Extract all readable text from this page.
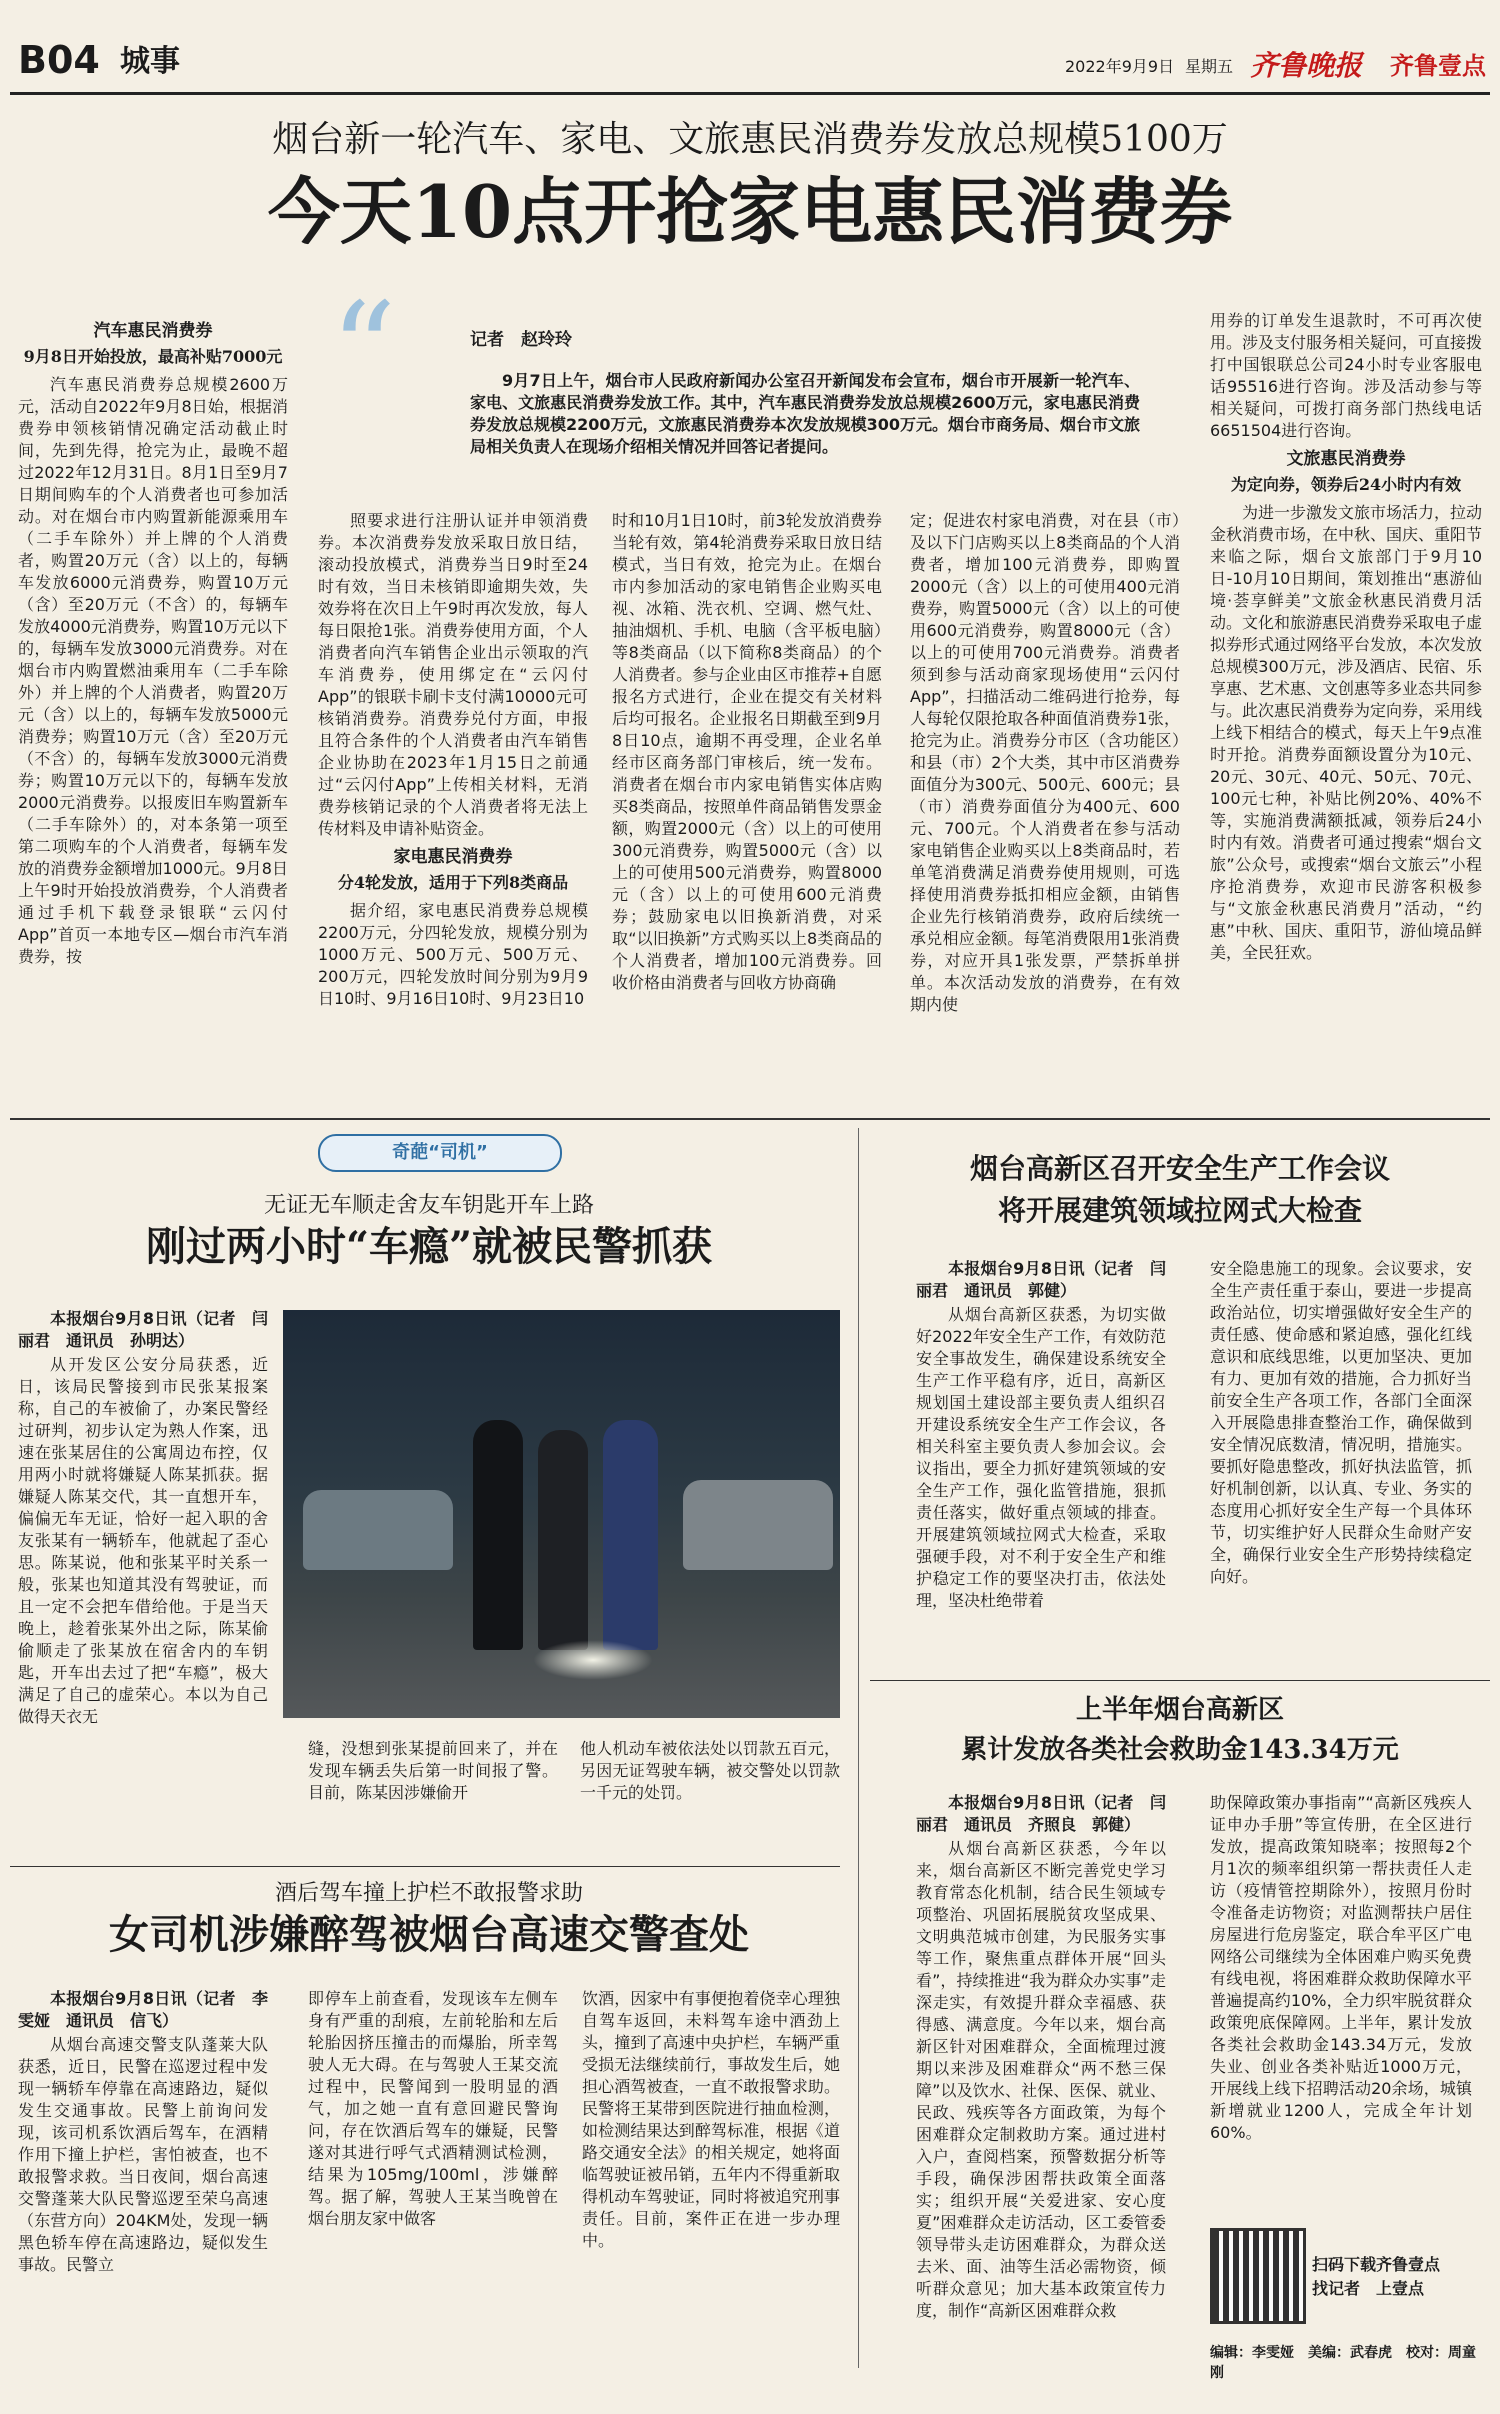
B04 城事	2022年9月9日 星期五 齐鲁晚报 齐鲁壹点
烟台新一轮汽车、家电、文旅惠民消费券发放总规模5100万
今天10点开抢家电惠民消费券
“	记者　赵玲玲
9月7日上午，烟台市人民政府新闻办公室召开新闻发布会宣布，烟台市开展新一轮汽车、家电、文旅惠民消费券发放工作。其中，汽车惠民消费券发放总规模2600万元，家电惠民消费券发放总规模2200万元，文旅惠民消费券本次发放规模300万元。烟台市商务局、烟台市文旅局相关负责人在现场介绍相关情况并回答记者提问。
汽车惠民消费券
9月8日开始投放，最高补贴7000元

汽车惠民消费券总规模2600万元，活动自2022年9月8日始，根据消费券申领核销情况确定活动截止时间，先到先得，抢完为止，最晚不超过2022年12月31日。8月1日至9月7日期间购车的个人消费者也可参加活动。对在烟台市内购置新能源乘用车（二手车除外）并上牌的个人消费者，购置20万元（含）以上的，每辆车发放6000元消费券，购置10万元（含）至20万元（不含）的，每辆车发放4000元消费券，购置10万元以下的，每辆车发放3000元消费券。对在烟台市内购置燃油乘用车（二手车除外）并上牌的个人消费者，购置20万元（含）以上的，每辆车发放5000元消费券；购置10万元（含）至20万元（不含）的，每辆车发放3000元消费券；购置10万元以下的，每辆车发放2000元消费券。以报废旧车购置新车（二手车除外）的，对本条第一项至第二项购车的个人消费者，每辆车发放的消费券金额增加1000元。9月8日上午9时开始投放消费券，个人消费者通过手机下载登录银联“云闪付App”首页一本地专区—烟台市汽车消费券，按

照要求进行注册认证并申领消费券。本次消费券发放采取日放日结，滚动投放模式，消费券当日9时至24时有效，当日未核销即逾期失效，失效券将在次日上午9时再次发放，每人每日限抢1张。消费券使用方面，个人消费者向汽车销售企业出示领取的汽车消费券，使用绑定在“云闪付App”的银联卡刷卡支付满10000元可核销消费券。消费券兑付方面，申报且符合条件的个人消费者由汽车销售企业协助在2023年1月15日之前通过“云闪付App”上传相关材料，无消费券核销记录的个人消费者将无法上传材料及申请补贴资金。

家电惠民消费券
分4轮发放，适用于下列8类商品

据介绍，家电惠民消费券总规模2200万元，分四轮发放，规模分别为1000万元、500万元、500万元、200万元，四轮发放时间分别为9月9日10时、9月16日10时、9月23日10

时和10月1日10时，前3轮发放消费券当轮有效，第4轮消费券采取日放日结模式，当日有效，抢完为止。在烟台市内参加活动的家电销售企业购买电视、冰箱、洗衣机、空调、燃气灶、抽油烟机、手机、电脑（含平板电脑）等8类商品（以下简称8类商品）的个人消费者。参与企业由区市推荐+自愿报名方式进行，企业在提交有关材料后均可报名。企业报名日期截至到9月8日10点，逾期不再受理，企业名单经市区商务部门审核后，统一发布。消费者在烟台市内家电销售实体店购买8类商品，按照单件商品销售发票金额，购置2000元（含）以上的可使用300元消费券，购置5000元（含）以上的可使用500元消费券，购置8000元（含）以上的可使用600元消费券；鼓励家电以旧换新消费，对采取“以旧换新”方式购买以上8类商品的个人消费者，增加100元消费券。回收价格由消费者与回收方协商确

定；促进农村家电消费，对在县（市）及以下门店购买以上8类商品的个人消费者，增加100元消费券，即购置2000元（含）以上的可使用400元消费券，购置5000元（含）以上的可使用600元消费券，购置8000元（含）以上的可使用700元消费券。消费者须到参与活动商家现场使用“云闪付App”，扫描活动二维码进行抢券，每人每轮仅限抢取各种面值消费券1张，抢完为止。消费券分市区（含功能区）和县（市）2个大类，其中市区消费券面值分为300元、500元、600元；县（市）消费券面值分为400元、600元、700元。个人消费者在参与活动家电销售企业购买以上8类商品时，若单笔消费满足消费券使用规则，可选择使用消费券抵扣相应金额，由销售企业先行核销消费券，政府后续统一承兑相应金额。每笔消费限用1张消费券，对应开具1张发票，严禁拆单拼单。本次活动发放的消费券，在有效期内使

用券的订单发生退款时，不可再次使用。涉及支付服务相关疑问，可直接拨打中国银联总公司24小时专业客服电话95516进行咨询。涉及活动参与等相关疑问，可拨打商务部门热线电话6651504进行咨询。

文旅惠民消费券
为定向券，领券后24小时内有效

为进一步激发文旅市场活力，拉动金秋消费市场，在中秋、国庆、重阳节来临之际，烟台文旅部门于9月10日-10月10日期间，策划推出“惠游仙境·荟享鲜美”文旅金秋惠民消费月活动。文化和旅游惠民消费券采取电子虚拟券形式通过网络平台发放，本次发放总规模300万元，涉及酒店、民宿、乐享惠、艺术惠、文创惠等多业态共同参与。此次惠民消费券为定向券，采用线上线下相结合的模式，每天上午9点准时开抢。消费券面额设置分为10元、20元、30元、40元、50元、70元、100元七种，补贴比例20%、40%不等，实施消费满额抵减，领券后24小时内有效。消费者可通过搜索“烟台文旅”公众号，或搜索“烟台文旅云”小程序抢消费券，欢迎市民游客积极参与“文旅金秋惠民消费月”活动，“约惠”中秋、国庆、重阳节，游仙境品鲜美，全民狂欢。

奇葩“司机”
无证无车顺走舍友车钥匙开车上路
刚过两小时“车瘾”就被民警抓获

本报烟台9月8日讯（记者　闫丽君　通讯员　孙明达）

从开发区公安分局获悉，近日，该局民警接到市民张某报案称，自己的车被偷了，办案民警经过研判，初步认定为熟人作案，迅速在张某居住的公寓周边布控，仅用两小时就将嫌疑人陈某抓获。据嫌疑人陈某交代，其一直想开车，偏偏无车无证，恰好一起入职的舍友张某有一辆轿车，他就起了歪心思。陈某说，他和张某平时关系一般，张某也知道其没有驾驶证，而且一定不会把车借给他。于是当天晚上，趁着张某外出之际，陈某偷偷顺走了张某放在宿舍内的车钥匙，开车出去过了把“车瘾”，极大满足了自己的虚荣心。本以为自己做得天衣无

缝，没想到张某提前回来了，并在发现车辆丢失后第一时间报了警。目前，陈某因涉嫌偷开

他人机动车被依法处以罚款五百元，另因无证驾驶车辆，被交警处以罚款一千元的处罚。

酒后驾车撞上护栏不敢报警求助
女司机涉嫌醉驾被烟台高速交警查处

本报烟台9月8日讯（记者　李雯娅　通讯员　信飞）

从烟台高速交警支队蓬莱大队获悉，近日，民警在巡逻过程中发现一辆轿车停靠在高速路边，疑似发生交通事故。民警上前询问发现，该司机系饮酒后驾车，在酒精作用下撞上护栏，害怕被查，也不敢报警求救。当日夜间，烟台高速交警蓬莱大队民警巡逻至荣乌高速（东营方向）204KM处，发现一辆黑色轿车停在高速路边，疑似发生事故。民警立

即停车上前查看，发现该车左侧车身有严重的刮痕，左前轮胎和左后轮胎因挤压撞击的而爆胎，所幸驾驶人无大碍。在与驾驶人王某交流过程中，民警闻到一股明显的酒气，加之她一直有意回避民警询问，存在饮酒后驾车的嫌疑，民警遂对其进行呼气式酒精测试检测，结果为105mg/100ml，涉嫌醉驾。据了解，驾驶人王某当晚曾在烟台朋友家中做客

饮酒，因家中有事便抱着侥幸心理独自驾车返回，未料驾车途中酒劲上头，撞到了高速中央护栏，车辆严重受损无法继续前行，事故发生后，她担心酒驾被查，一直不敢报警求助。民警将王某带到医院进行抽血检测，如检测结果达到醉驾标准，根据《道路交通安全法》的相关规定，她将面临驾驶证被吊销，五年内不得重新取得机动车驾驶证，同时将被追究刑事责任。目前，案件正在进一步办理中。

烟台高新区召开安全生产工作会议
将开展建筑领域拉网式大检查

本报烟台9月8日讯（记者　闫丽君　通讯员　郭健）

从烟台高新区获悉，为切实做好2022年安全生产工作，有效防范安全事故发生，确保建设系统安全生产工作平稳有序，近日，高新区规划国土建设部主要负责人组织召开建设系统安全生产工作会议，各相关科室主要负责人参加会议。会议指出，要全力抓好建筑领域的安全生产工作，强化监管措施，狠抓责任落实，做好重点领域的排查。开展建筑领域拉网式大检查，采取强硬手段，对不利于安全生产和维护稳定工作的要坚决打击，依法处理，坚决杜绝带着

安全隐患施工的现象。会议要求，安全生产责任重于泰山，要进一步提高政治站位，切实增强做好安全生产的责任感、使命感和紧迫感，强化红线意识和底线思维，以更加坚决、更加有力、更加有效的措施，合力抓好当前安全生产各项工作，各部门全面深入开展隐患排查整治工作，确保做到安全情况底数清，情况明，措施实。要抓好隐患整改，抓好执法监管，抓好机制创新，以认真、专业、务实的态度用心抓好安全生产每一个具体环节，切实维护好人民群众生命财产安全，确保行业安全生产形势持续稳定向好。

上半年烟台高新区
累计发放各类社会救助金143.34万元

本报烟台9月8日讯（记者　闫丽君　通讯员　齐照良　郭健）

从烟台高新区获悉，今年以来，烟台高新区不断完善党史学习教育常态化机制，结合民生领域专项整治、巩固拓展脱贫攻坚成果、文明典范城市创建，为民服务实事等工作，聚焦重点群体开展“回头看”，持续推进“我为群众办实事”走深走实，有效提升群众幸福感、获得感、满意度。今年以来，烟台高新区针对困难群众，全面梳理过渡期以来涉及困难群众“两不愁三保障”以及饮水、社保、医保、就业、民政、残疾等各方面政策，为每个困难群众定制救助方案。通过进村入户，查阅档案，预警数据分析等手段，确保涉困帮扶政策全面落实；组织开展“关爱进家、安心度夏”困难群众走访活动，区工委管委领导带头走访困难群众，为群众送去米、面、油等生活必需物资，倾听群众意见；加大基本政策宣传力度，制作“高新区困难群众救

助保障政策办事指南”“高新区残疾人证申办手册”等宣传册，在全区进行发放，提高政策知晓率；按照每2个月1次的频率组织第一帮扶责任人走访（疫情管控期除外），按照月份时令准备走访物资；对监测帮扶户居住房屋进行危房鉴定，联合牟平区广电网络公司继续为全体困难户购买免费有线电视，将困难群众救助保障水平普遍提高约10%，全力织牢脱贫群众政策兜底保障网。上半年，累计发放各类社会救助金143.34万元，发放失业、创业各类补贴近1000万元，开展线上线下招聘活动20余场，城镇新增就业1200人，完成全年计划60%。

扫码下载齐鲁壹点
找记者　上壹点
编辑：李雯娅　美编：武春虎　校对：周童刚
